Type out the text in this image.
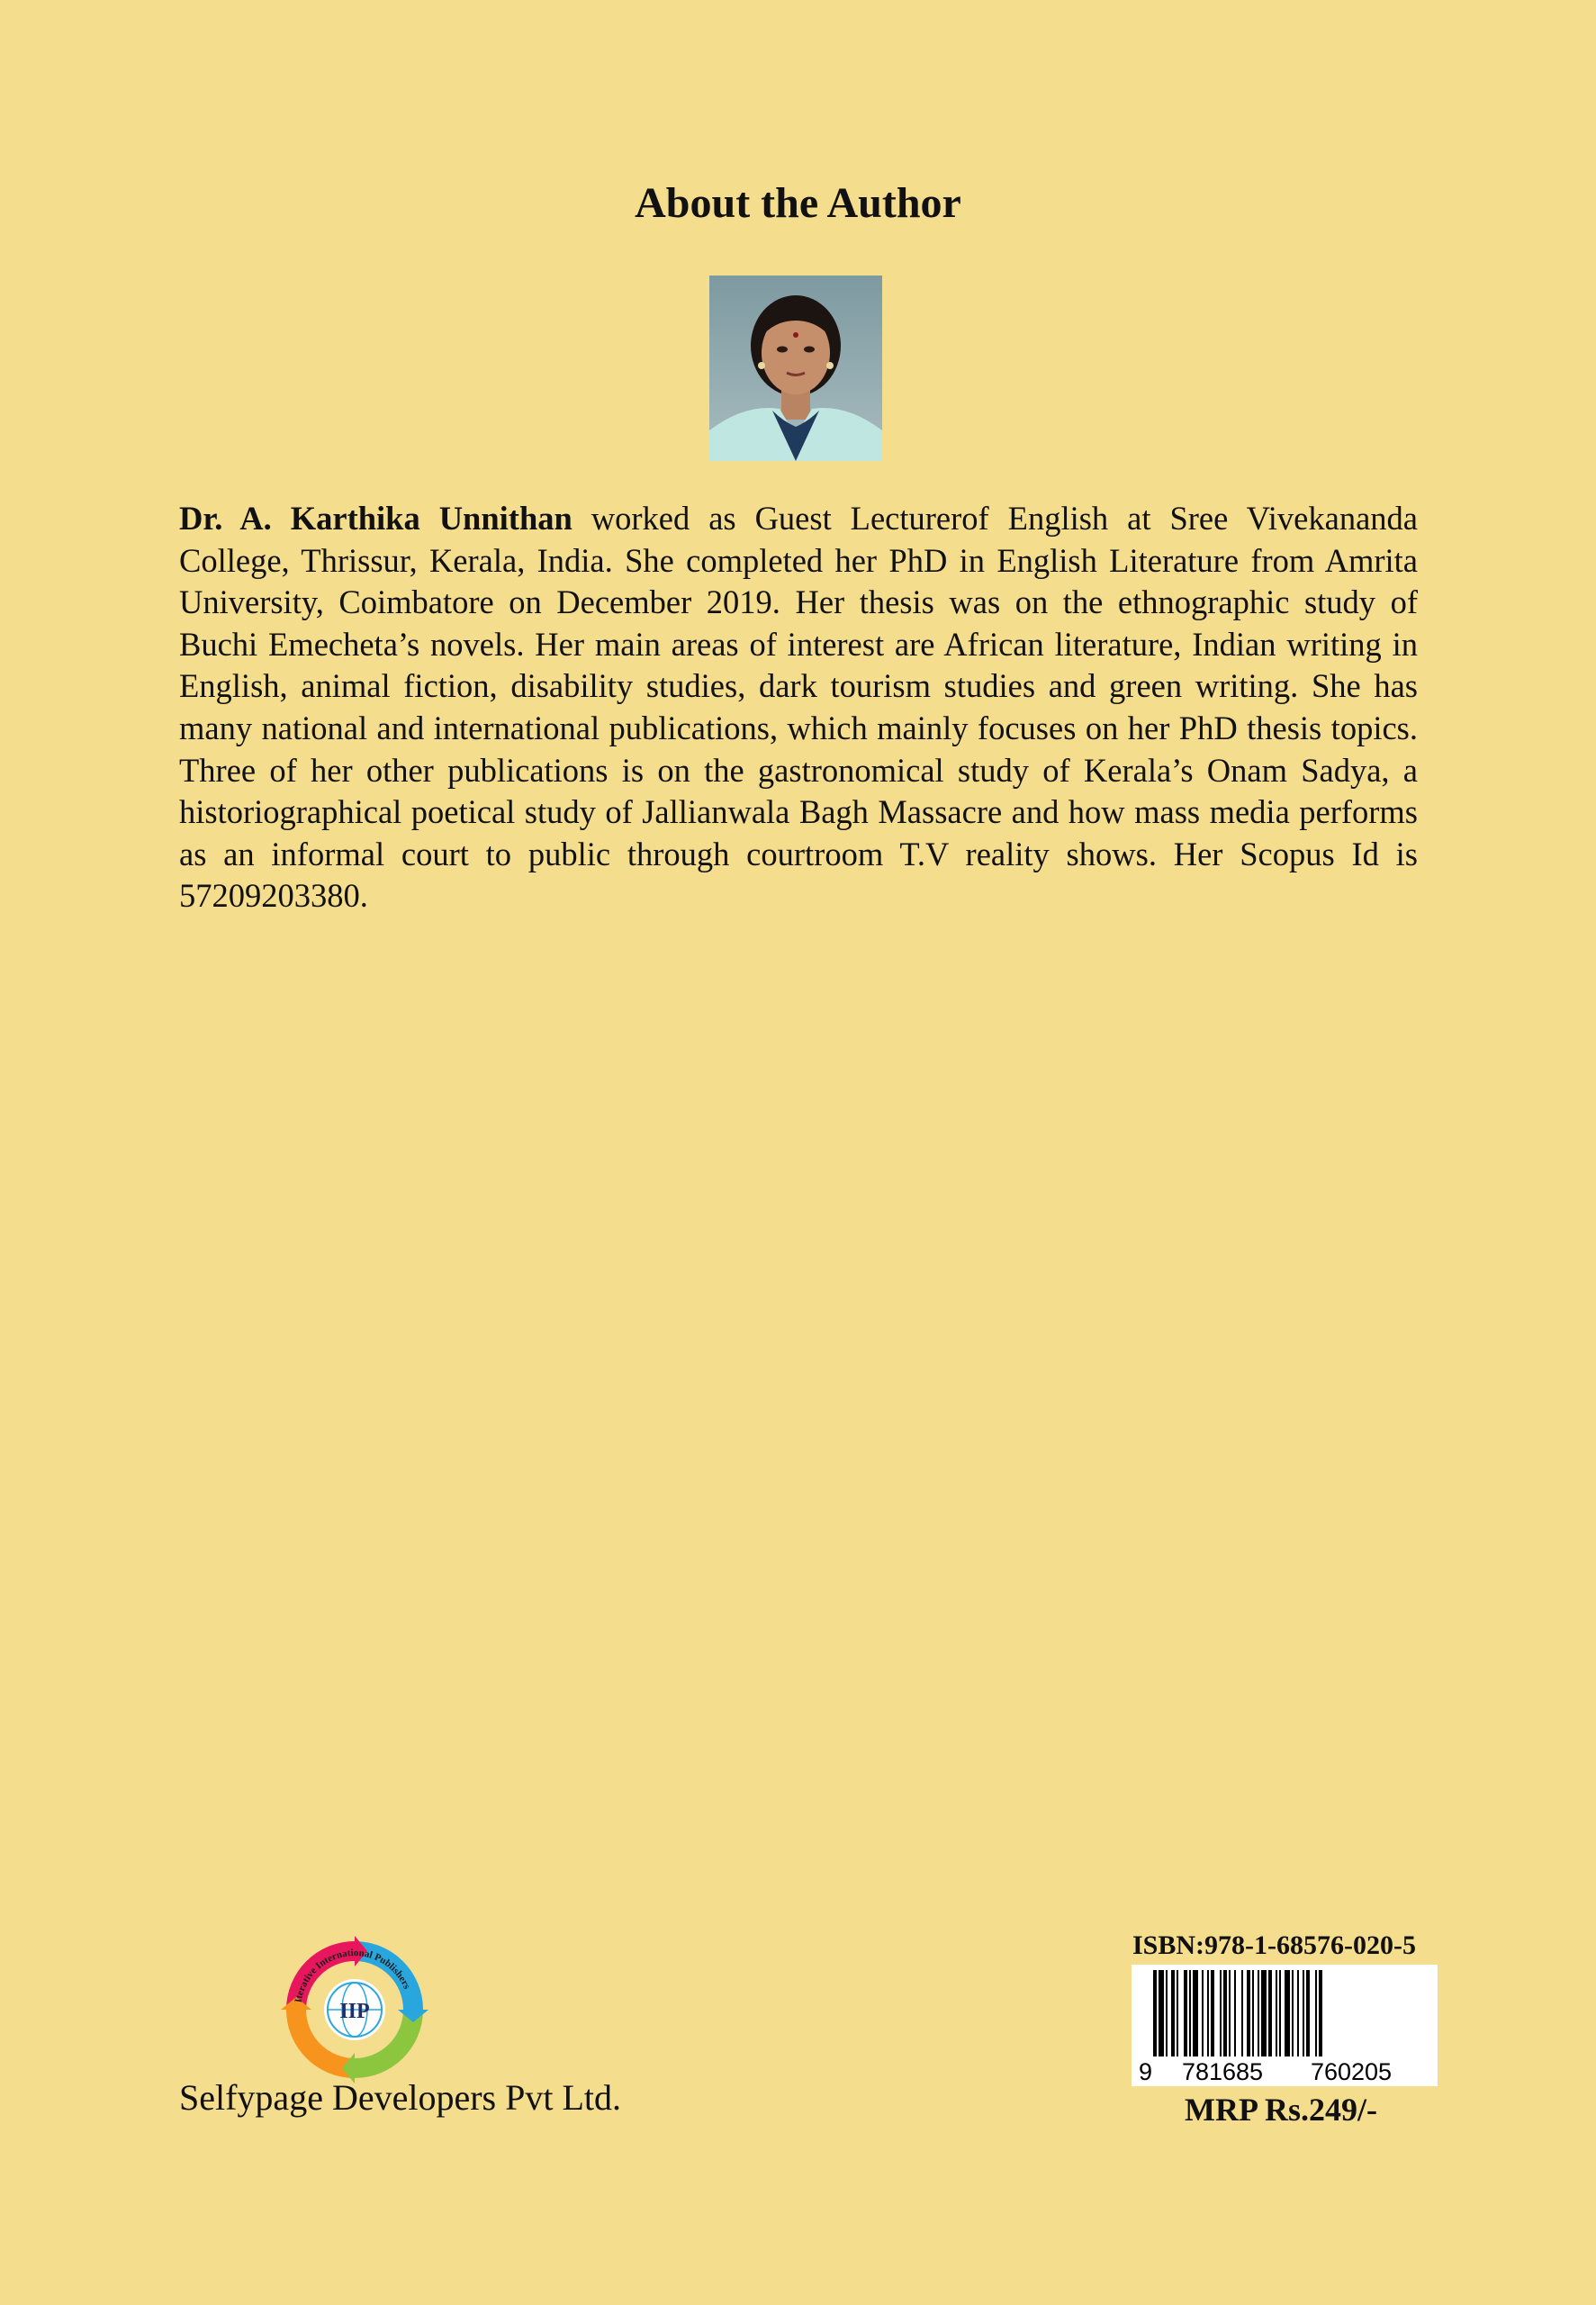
About the Author

Dr. A. Karthika Unnithan worked as Guest Lecturerof English at Sree Vivekananda College, Thrissur, Kerala, India. She completed her PhD in English Literature from Amrita University, Coimbatore on December 2019. Her thesis was on the ethnographic study of Buchi Emecheta’s novels. Her main areas of interest are African literature, Indian writing in English, animal fiction, disability studies, dark tourism studies and green writing. She has many national and international publications, which mainly focuses on her PhD thesis topics. Three of her other publications is on the gastronomical study of Kerala’s Onam Sadya, a historiographical poetical study of Jallianwala Bagh Massacre and how mass media performs as an informal court to public through courtroom T.V reality shows. Her Scopus Id is 57209203380.

Iterative International Publishers
IIP

Selfypage Developers Pvt Ltd.

ISBN:978-1-68576-020-5

9 781685 760205

MRP Rs.249/-
